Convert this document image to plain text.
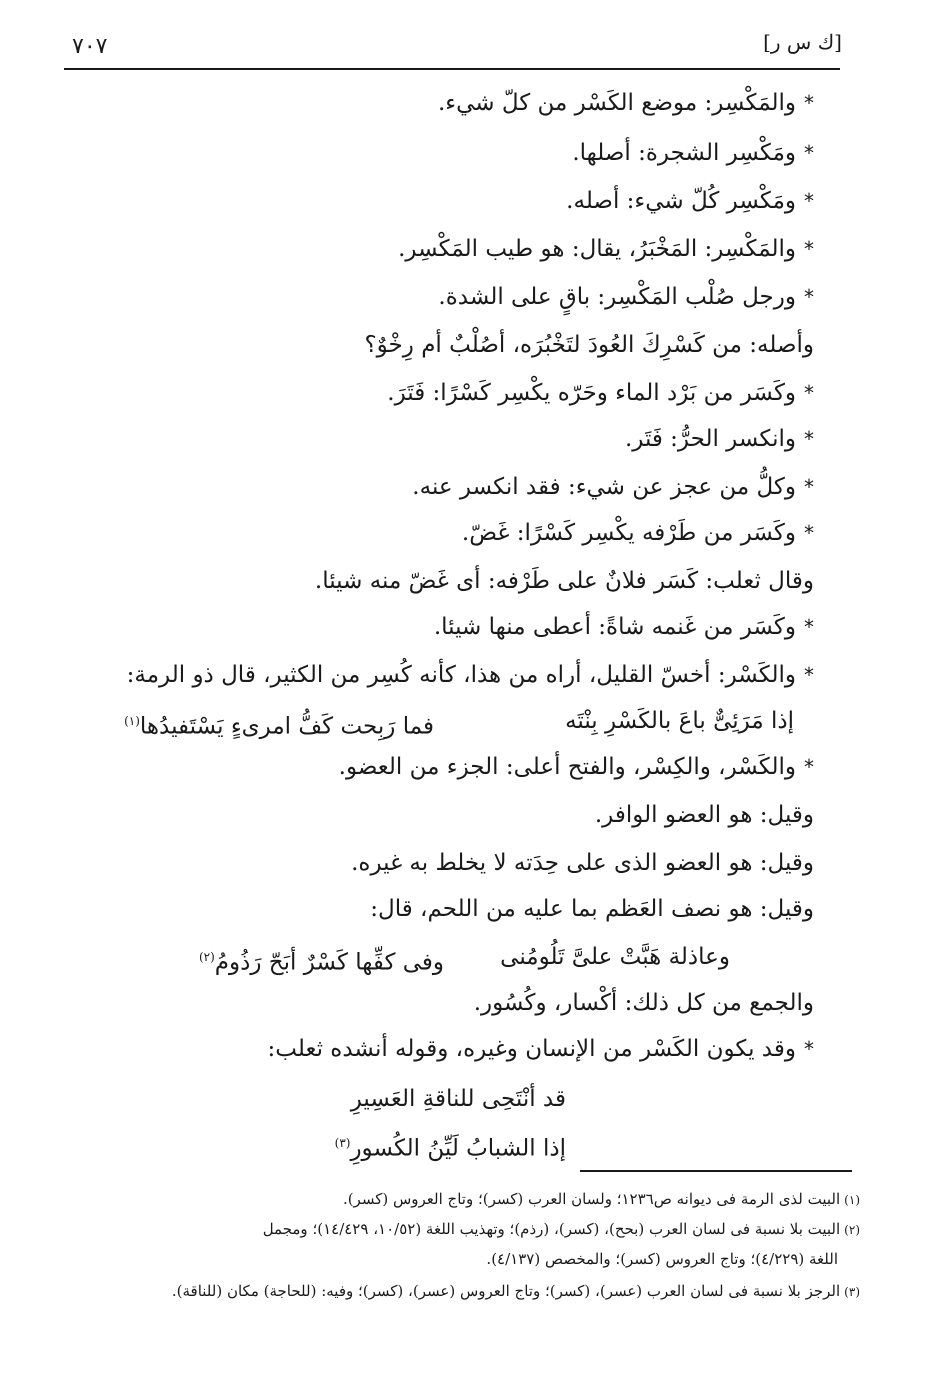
[ك س ر]
٧٠٧
*والمَكْسِر: موضع الكَسْر من كلّ شيء.
*ومَكْسِر الشجرة: أصلها.
*ومَكْسِر كُلّ شيء: أصله.
*والمَكْسِر: المَخْبَرُ، يقال: هو طيب المَكْسِر.
*ورجل صُلْب المَكْسِر: باقٍ على الشدة.
وأصله: من كَسْرِكَ العُودَ لتَخْبُرَه، أصُلْبٌ أم رِخْوٌ؟
*وكَسَر من بَرْد الماء وحَرّه يكْسِر كَسْرًا: فَتَرَ.
*وانكسر الحرُّ: فَتَر.
*وكلُّ من عجز عن شيء: فقد انكسر عنه.
*وكَسَر من طَرْفه يكْسِر كَسْرًا: غَضّ.
وقال ثعلب: كَسَر فلانٌ على طَرْفه: أى غَضّ منه شيئا.
*وكَسَر من غَنمه شاةً: أعطى منها شيئا.
*والكَسْر: أخسّ القليل، أراه من هذا، كأنه كُسِر من الكثير، قال ذو الرمة:
إذا مَرَئِىٌّ باعَ بالكَسْرِ بِنْتَه
فما رَبِحت كَفُّ امرىءٍ يَسْتَفيدُها$^{(١)}$
*والكَسْر، والكِسْر، والفتح أعلى: الجزء من العضو.
وقيل: هو العضو الوافر.
وقيل: هو العضو الذى على حِدَته لا يخلط به غيره.
وقيل: هو نصف العَظم بما عليه من اللحم، قال:
وعاذلة هَبَّتْ علىَّ تَلُومُنى
وفى كفِّها كَسْرٌ أبَحّ رَذُومُ$^{(٢)}$
والجمع من كل ذلك: أكْسار، وكُسُور.
*وقد يكون الكَسْر من الإنسان وغيره، وقوله أنشده ثعلب:
قد أنْتَحِى للناقةِ العَسِيرِ
إذا الشبابُ لَيِّنُ الكُسورِ$^{(٣)}$
(١)البيت لذى الرمة فى ديوانه ص١٢٣٦؛ ولسان العرب (كسر)؛ وتاج العروس (كسر).
(٢)البيت بلا نسبة فى لسان العرب (بحح)، (كسر)، (رذم)؛ وتهذيب اللغة (١٠/٥٢، ١٤/٤٢٩)؛ ومجمل
اللغة (٤/٢٢٩)؛ وتاج العروس (كسر)؛ والمخصص (٤/١٣٧).
(٣)الرجز بلا نسبة فى لسان العرب (عسر)، (كسر)؛ وتاج العروس (عسر)، (كسر)؛ وفيه: (للحاجة) مكان (للناقة).
